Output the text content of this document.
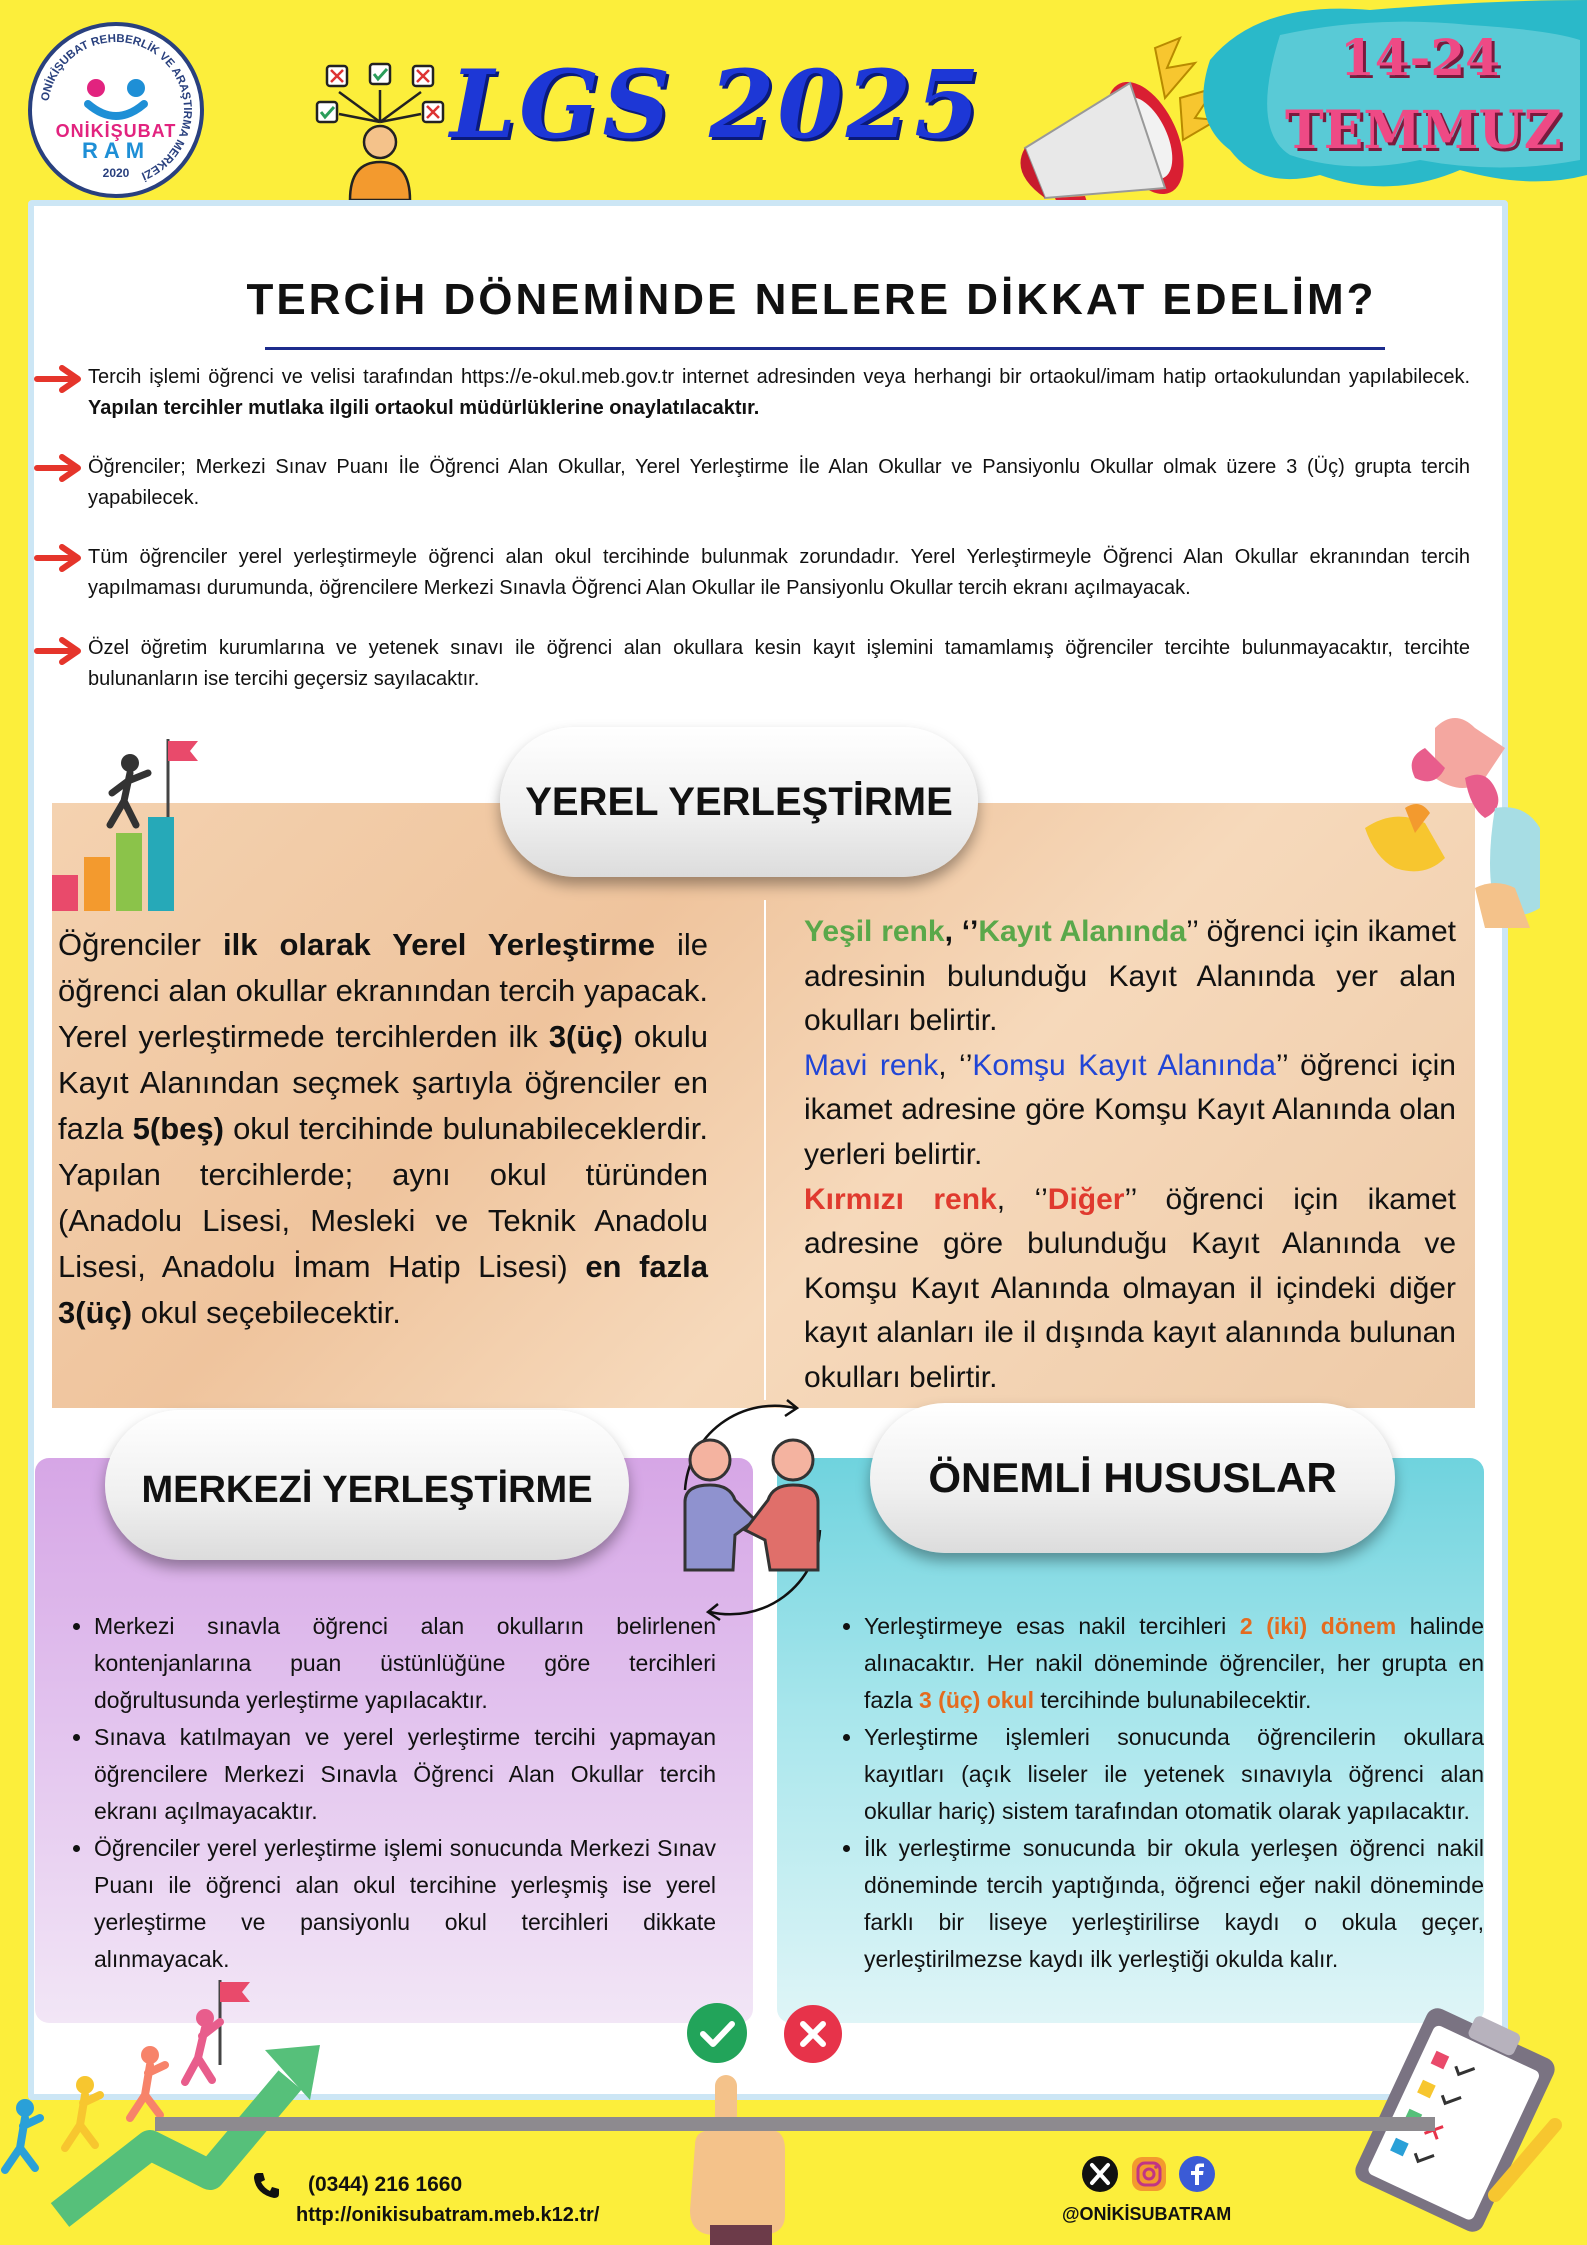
ONİKİŞUBAT REHBERLİK VE ARAŞTIRMA MERKEZİ
ONİKİŞUBAT
RAM
2020
LGS 2025	14-24
TEMMUZ
TERCİH DÖNEMİNDE NELERE DİKKAT EDELİM?
Tercih işlemi öğrenci ve velisi tarafından https://e-okul.meb.gov.tr internet adresinden veya herhangi bir ortaokul/imam hatip ortaokulundan yapılabilecek. Yapılan tercihler mutlaka ilgili ortaokul müdürlüklerine onaylatılacaktır.
Öğrenciler; Merkezi Sınav Puanı İle Öğrenci Alan Okullar, Yerel Yerleştirme İle Alan Okullar ve Pansiyonlu Okullar olmak üzere 3 (Üç) grupta tercih yapabilecek.
Tüm öğrenciler yerel yerleştirmeyle öğrenci alan okul tercihinde bulunmak zorundadır. Yerel Yerleştirmeyle Öğrenci Alan Okullar ekranından tercih yapılmaması durumunda, öğrencilere Merkezi Sınavla Öğrenci Alan Okullar ile Pansiyonlu Okullar tercih ekranı açılmayacak.
Özel öğretim kurumlarına ve yetenek sınavı ile öğrenci alan okullara kesin kayıt işlemini tamamlamış öğrenciler tercihte bulunmayacaktır, tercihte bulunanların ise tercihi geçersiz sayılacaktır.
YEREL YERLEŞTİRME
Öğrenciler ilk olarak Yerel Yerleştirme ile öğrenci alan okullar ekranından tercih yapacak. Yerel yerleştirmede tercihlerden ilk 3(üç) okulu Kayıt Alanından seçmek şartıyla öğrenciler en fazla 5(beş) okul tercihinde bulunabileceklerdir. Yapılan tercihlerde; aynı okul türünden (Anadolu Lisesi, Mesleki ve Teknik Anadolu Lisesi, Anadolu İmam Hatip Lisesi) en fazla 3(üç) okul seçebilecektir.
Yeşil renk, ‘’Kayıt Alanında’’ öğrenci için ikamet adresinin bulunduğu Kayıt Alanında yer alan okulları belirtir.
Mavi renk, ‘’Komşu Kayıt Alanında’’ öğrenci için ikamet adresine göre Komşu Kayıt Alanında olan yerleri belirtir.
Kırmızı renk, ‘’Diğer’’ öğrenci için ikamet adresine göre bulunduğu Kayıt Alanında ve Komşu Kayıt Alanında olmayan il içindeki diğer kayıt alanları ile il dışında kayıt alanında bulunan okulları belirtir.
MERKEZİ YERLEŞTİRME	ÖNEMLİ HUSUSLAR
• Merkezi sınavla öğrenci alan okulların belirlenen kontenjanlarına puan üstünlüğüne göre tercihleri doğrultusunda yerleştirme yapılacaktır.
• Sınava katılmayan ve yerel yerleştirme tercihi yapmayan öğrencilere Merkezi Sınavla Öğrenci Alan Okullar tercih ekranı açılmayacaktır.
• Öğrenciler yerel yerleştirme işlemi sonucunda Merkezi Sınav Puanı ile öğrenci alan okul tercihine yerleşmiş ise yerel yerleştirme ve pansiyonlu okul tercihleri dikkate alınmayacak.
• Yerleştirmeye esas nakil tercihleri 2 (iki) dönem halinde alınacaktır. Her nakil döneminde öğrenciler, her grupta en fazla 3 (üç) okul tercihinde bulunabilecektir.
• Yerleştirme işlemleri sonucunda öğrencilerin okullara kayıtları (açık liseler ile yetenek sınavıyla öğrenci alan okullar hariç) sistem tarafından otomatik olarak yapılacaktır.
• İlk yerleştirme sonucunda bir okula yerleşen öğrenci nakil döneminde tercih yaptığında, öğrenci eğer nakil döneminde farklı bir liseye yerleştirilirse kaydı o okula geçer, yerleştirilmezse kaydı ilk yerleştiği okulda kalır.
(0344) 216 1660
http://onikisubatram.meb.k12.tr/	@ONİKİSUBATRAM
